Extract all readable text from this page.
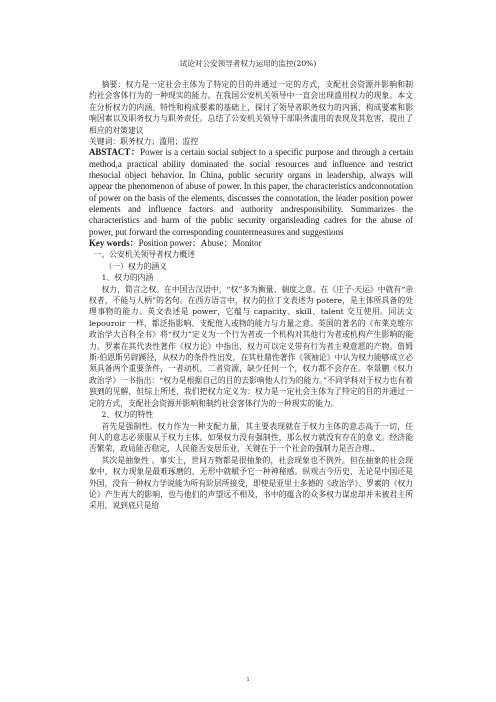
试论对公安领导者权力运用的监控(20%)

摘要：权力是一定社会主体为了特定的目的并通过一定的方式，支配社会资源并影响和制约社会客体行为的一种现实的能力。在我国公安机关领导中一直会出现滥用权力的现象。本文在分析权力的内涵、特性和构成要素的基础上，探讨了领导者职务权力的内涵、构成要素和影响因素以及职务权力与职务责任。总结了公安机关领导干部职务滥用的表现及其危害，提出了相应的对策建议

关键词：职务权力；滥用；监控

ABSTACT：Power is a certain social subject to a specific purpose and through a certain method,a practical ability dominated the social resources and influence and restrict thesocial object behavior. In China, public security organs in leadership, always will appear the phenomenon of abuse of power. In this paper, the characteristics andconnotation of power on the basis of the elements, discusses the connotation, the leader position power elements and influence factors and authority andresponsibility. Summarizes the characteristics and harm of the public security organsleading cadres for the abuse of power, put forward the corresponding countermeasures and suggestions

Key words：Position power；Abuse；Monitor

一、公安机关领导者权力概述

（一）权力的涵义

1、权力的内涵

权力，简言之权。在中国古汉语中，“权”多为衡量、揣度之意。在《庄子·天运》中就有“亲权者，不能与人柄”的名句。在西方语言中，权力的拉丁文表述为 potere，是主体所具备的处理事物的能力。英文表述是 power，它蕴与 capacity、skill、talent 交互使用。同法文 lepouroir 一样，都泛指影响、支配他人或物的能力与力量之意。英国的著名的《布莱克维尔政治学大百科全书》将“权力”定义为一个行为者或一个机构对其他行为者或机构产生影响的能力。罗素在其代表性著作《权力论》中指出，权力可以定义带有行为者主观意愿的产物。詹姆斯·伯恩斯另辟蹊径，从权力的条件性出发，在其杜鼎性著作《领袖论》中认为权力能够成立必须具备两个重要条件，一者动机，二者资源，缺少任何一个，权力都不会存在。李景鹏《权力政治学》一书指出：“权力是根据自己的目的去影响他人行为的能力。”不同学科对于权力也有着独到的见解，但综上所述，我们把权力定义为：权力是一定社会主体为了特定的目的并通过一定的方式，支配社会资源并影响和制约社会客体行为的一种现实的能力。

2、权力的特性

首先是强制性。权力作为一种支配力量，其主要表现就在于权力主体的意志高于一切，任何人的意志必须服从于权力主体。如果权力没有强制性，那么权力就没有存在的意义。经济能否繁荣，政局能否稳定，人民能否安居乐业，关键在于一个社会的强制力是否合理..

其次是抽象性 。事实上，世间万物都是很抽象的，社会现象也不例外。但在抽象的社会现象中，权力现象是最难琢磨的，无形中就赋予它一种神秘感。纵观古今历史，无论是中国还是外国，没有一种权力学说能为所有阶层所接受，即使是亚里士多德的《政治学》、罗素的《权力论》产生再大的影响，也与他们的声望远不相及，书中的蕴含的众多权力谋虑却并未被君主所采用，说到底只是给

1
